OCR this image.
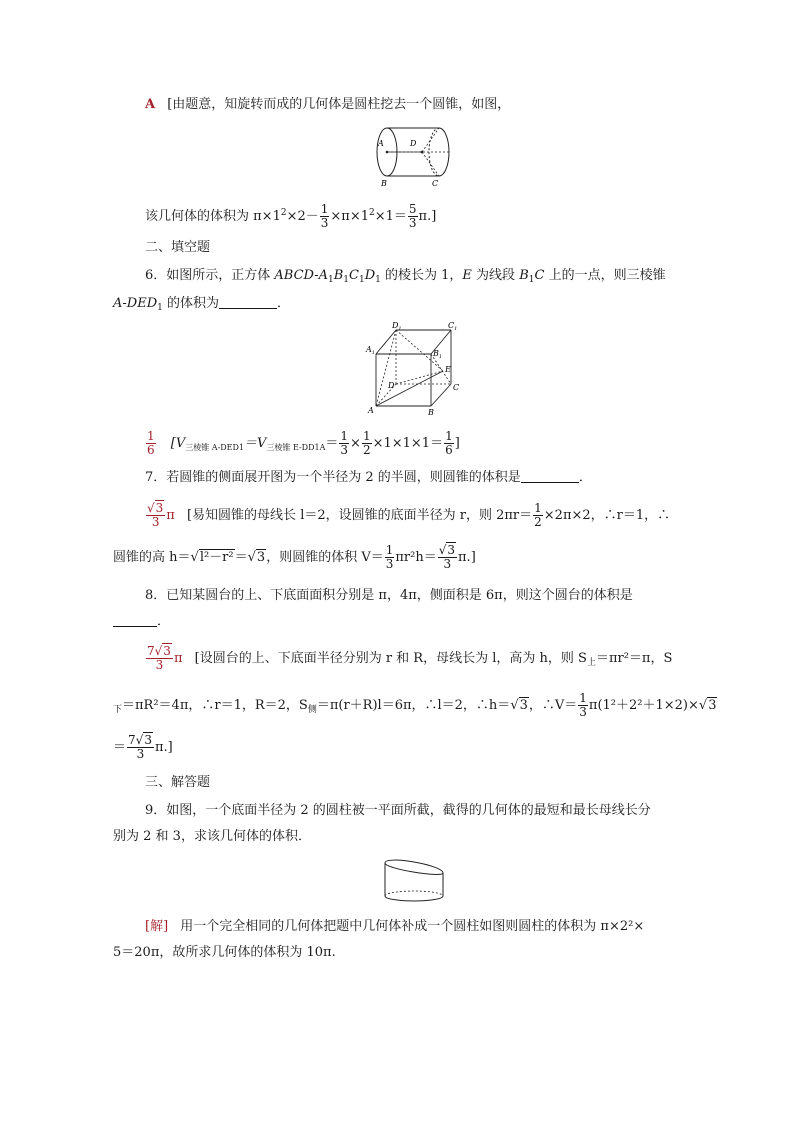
A [由题意，知旋转而成的几何体是圆柱挖去一个圆锥，如图，
A	D
B	C
该几何体的体积为 $\pi\times 1^2\times 2- \frac{1}{3} \times\pi\times 1^2\times 1= \frac{5}{3} \pi$.]
二、填空题
6．如图所示，正方体 ABCD-$A_1B_1C_1D_1$ 的棱长为 1，E 为线段 $B_1C$ 上的一点，则三棱锥
$A-DED_1$ 的体积为	．
$D_1$	$C_1$
$A_1$	$B_1$
E
D	C
A	B
$\frac{1}{6} [V_{三棱锥 A-DED1}=V_{三棱锥 E-DD1A}= \frac{1}{3} \times \frac{1}{2} \times 1\times 1\times 1= \frac{1}{6}$ ]
7．若圆锥的侧面展开图为一个半径为 2 的半圆，则圆锥的体积是	．
$\frac{√3}{3}$ π [易知圆锥的母线长 l＝2，设圆锥的底面半径为 r，则 $2\pi r= \frac{1}{2} \times 2\pi\times 2$，∴r＝1，∴
圆锥的高 h＝√l²－r²＝√3，则圆锥的体积 $V= \frac{1}{3} \pi r^2h= \frac{√3}{3} \pi$.]
8．已知某圆台的上、下底面面积分别是 π，4π，侧面积是 6π，则这个圆台的体积是
．
$\frac{7√3}{3}$ π [设圆台的上、下底面半径分别为 r 和 R，母线长为 l，高为 h，则 $S_上=\pi r^2=\pi$，S
$_下$＝πR²＝4π，∴r＝1，R＝2，$S_侧=\pi(r+R)l=6\pi$，∴l＝2，∴h＝√3，∴V＝ $\frac{1}{3} \pi(1^2+2^2+1\times 2)\times√3$
＝ $\frac{7√3}{3} \pi$.]
三、解答题
9．如图，一个底面半径为 2 的圆柱被一平面所截，截得的几何体的最短和最长母线长分
别为 2 和 3，求该几何体的体积．
[解] 用一个完全相同的几何体把题中几何体补成一个圆柱如图则圆柱的体积为 π×2²×
5＝20π，故所求几何体的体积为 10π.
